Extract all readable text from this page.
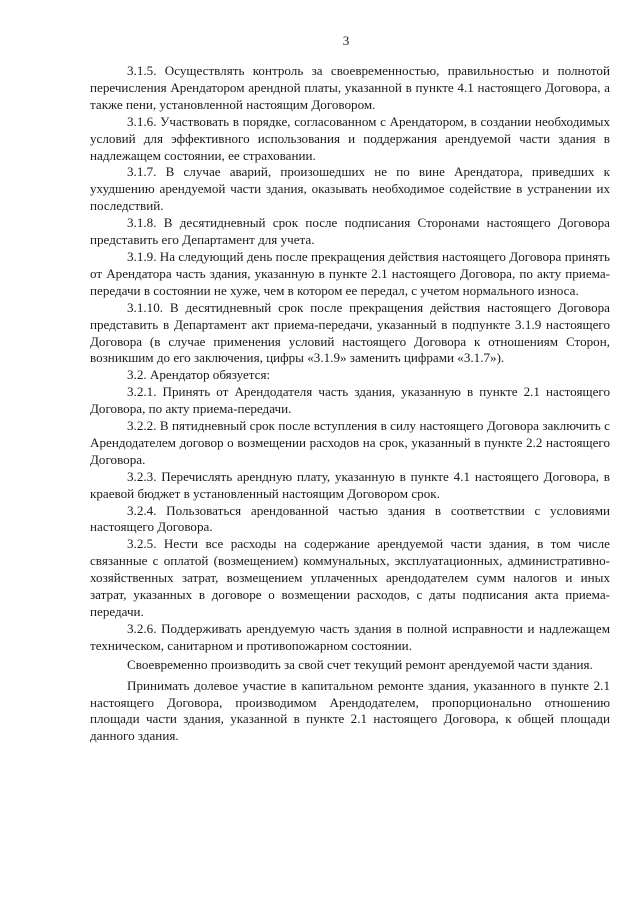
3

3.1.5. Осуществлять контроль за своевременностью, правильностью и полнотой перечисления Арендатором арендной платы, указанной в пункте 4.1 настоящего Договора, а также пени, установленной настоящим Договором.

3.1.6. Участвовать в порядке, согласованном с Арендатором, в создании необходимых условий для эффективного использования и поддержания арендуемой части здания в надлежащем состоянии, ее страховании.

3.1.7. В случае аварий, произошедших не по вине Арендатора, приведших к ухудшению арендуемой части здания, оказывать необходимое содействие в устранении их последствий.

3.1.8. В десятидневный срок после подписания Сторонами настоящего Договора представить его Департамент для учета.

3.1.9. На следующий день после прекращения действия настоящего Договора принять от Арендатора часть здания, указанную в пункте 2.1 настоящего Договора, по акту приема-передачи в состоянии не хуже, чем в котором ее передал, с учетом нормального износа.

3.1.10. В десятидневный срок после прекращения действия настоящего Договора представить в Департамент акт приема-передачи, указанный в подпункте 3.1.9 настоящего Договора (в случае применения условий настоящего Договора к отношениям Сторон, возникшим до его заключения, цифры «3.1.9» заменить цифрами «3.1.7»).

3.2. Арендатор обязуется:

3.2.1. Принять от Арендодателя часть здания, указанную в пункте 2.1 настоящего Договора, по акту приема-передачи.

3.2.2. В пятидневный срок после вступления в силу настоящего Договора заключить с Арендодателем договор о возмещении расходов на срок, указанный в пункте 2.2 настоящего Договора.

3.2.3. Перечислять арендную плату, указанную в пункте 4.1 настоящего Договора, в краевой бюджет в установленный настоящим Договором срок.

3.2.4. Пользоваться арендованной частью здания в соответствии с условиями настоящего Договора.

3.2.5. Нести все расходы на содержание арендуемой части здания, в том числе связанные с оплатой (возмещением) коммунальных, эксплуатационных, административно-хозяйственных затрат, возмещением уплаченных арендодателем сумм налогов и иных затрат, указанных в договоре о возмещении расходов, с даты подписания акта приема-передачи.

3.2.6. Поддерживать арендуемую часть здания в полной исправности и надлежащем техническом, санитарном и противопожарном состоянии.

Своевременно производить за свой счет текущий ремонт арендуемой части здания.

Принимать долевое участие в капитальном ремонте здания, указанного в пункте 2.1 настоящего Договора, производимом Арендодателем, пропорционально отношению площади части здания, указанной в пункте 2.1 настоящего Договора, к общей площади данного здания.
